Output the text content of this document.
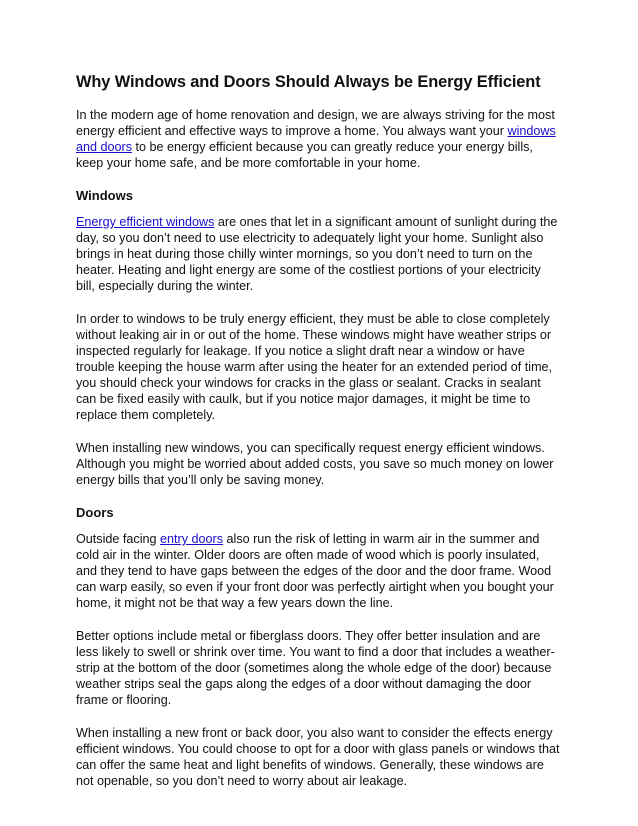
Why Windows and Doors Should Always be Energy Efficient

In the modern age of home renovation and design, we are always striving for the most energy efficient and effective ways to improve a home. You always want your windows and doors to be energy efficient because you can greatly reduce your energy bills, keep your home safe, and be more comfortable in your home.

Windows

Energy efficient windows are ones that let in a significant amount of sunlight during the day, so you don’t need to use electricity to adequately light your home. Sunlight also brings in heat during those chilly winter mornings, so you don’t need to turn on the heater. Heating and light energy are some of the costliest portions of your electricity bill, especially during the winter.

In order to windows to be truly energy efficient, they must be able to close completely without leaking air in or out of the home. These windows might have weather strips or inspected regularly for leakage. If you notice a slight draft near a window or have trouble keeping the house warm after using the heater for an extended period of time, you should check your windows for cracks in the glass or sealant. Cracks in sealant can be fixed easily with caulk, but if you notice major damages, it might be time to replace them completely.

When installing new windows, you can specifically request energy efficient windows. Although you might be worried about added costs, you save so much money on lower energy bills that you’ll only be saving money.

Doors

Outside facing entry doors also run the risk of letting in warm air in the summer and cold air in the winter. Older doors are often made of wood which is poorly insulated, and they tend to have gaps between the edges of the door and the door frame. Wood can warp easily, so even if your front door was perfectly airtight when you bought your home, it might not be that way a few years down the line.

Better options include metal or fiberglass doors. They offer better insulation and are less likely to swell or shrink over time. You want to find a door that includes a weather-strip at the bottom of the door (sometimes along the whole edge of the door) because weather strips seal the gaps along the edges of a door without damaging the door frame or flooring.

When installing a new front or back door, you also want to consider the effects energy efficient windows. You could choose to opt for a door with glass panels or windows that can offer the same heat and light benefits of windows. Generally, these windows are not openable, so you don’t need to worry about air leakage.
